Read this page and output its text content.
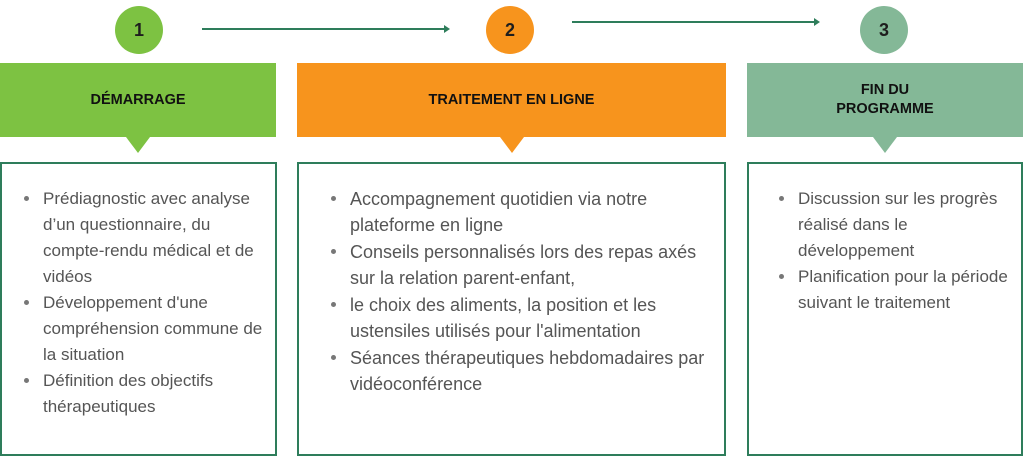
1	2	3
DÉMARRAGE	TRAITEMENT EN LIGNE
FIN DU PROGRAMME
Prédiagnostic avec analyse d’un questionnaire, du compte-rendu médical et de vidéos
Développement d'une compréhension commune de la situation
Définition des objectifs thérapeutiques
Accompagnement quotidien via notre plateforme en ligne
Conseils personnalisés lors des repas axés sur la relation parent-enfant,
le choix des aliments, la position et les ustensiles utilisés pour l'alimentation
Séances thérapeutiques hebdomadaires par vidéoconférence
Discussion sur les progrès réalisé dans le développement
Planification pour la période suivant le traitement
